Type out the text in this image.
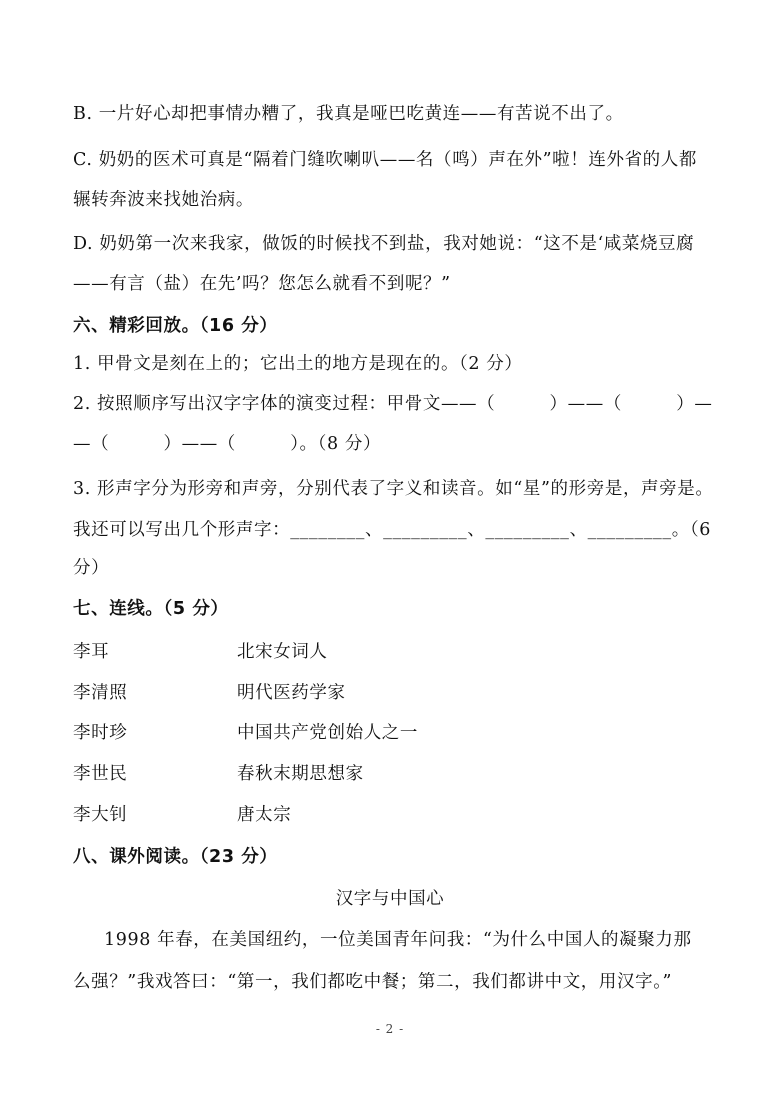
B. 一片好心却把事情办糟了，我真是哑巴吃黄连——有苦说不出了。
C. 奶奶的医术可真是“隔着门缝吹喇叭——名（鸣）声在外”啦！连外省的人都
辗转奔波来找她治病。
D. 奶奶第一次来我家，做饭的时候找不到盐，我对她说：“这不是‘咸菜烧豆腐
——有言（盐）在先’吗？您怎么就看不到呢？”
六、精彩回放。（16 分）
1. 甲骨文是刻在上的；它出土的地方是现在的。（2 分）
2. 按照顺序写出汉字字体的演变过程：甲骨文——（　　　）——（　　　）—
—（　　　）——（　　　）。（8 分）
3. 形声字分为形旁和声旁，分别代表了字义和读音。如“星”的形旁是，声旁是。
我还可以写出几个形声字：________、_________、_________、_________。（6
分）
七、连线。（5 分）
李耳	北宋女词人
李清照	明代医药学家
李时珍	中国共产党创始人之一
李世民	春秋末期思想家
李大钊	唐太宗
八、课外阅读。（23 分）
汉字与中国心
1998 年春，在美国纽约，一位美国青年问我：“为什么中国人的凝聚力那
么强？”我戏答曰：“第一，我们都吃中餐；第二，我们都讲中文，用汉字。”
- 2 -
